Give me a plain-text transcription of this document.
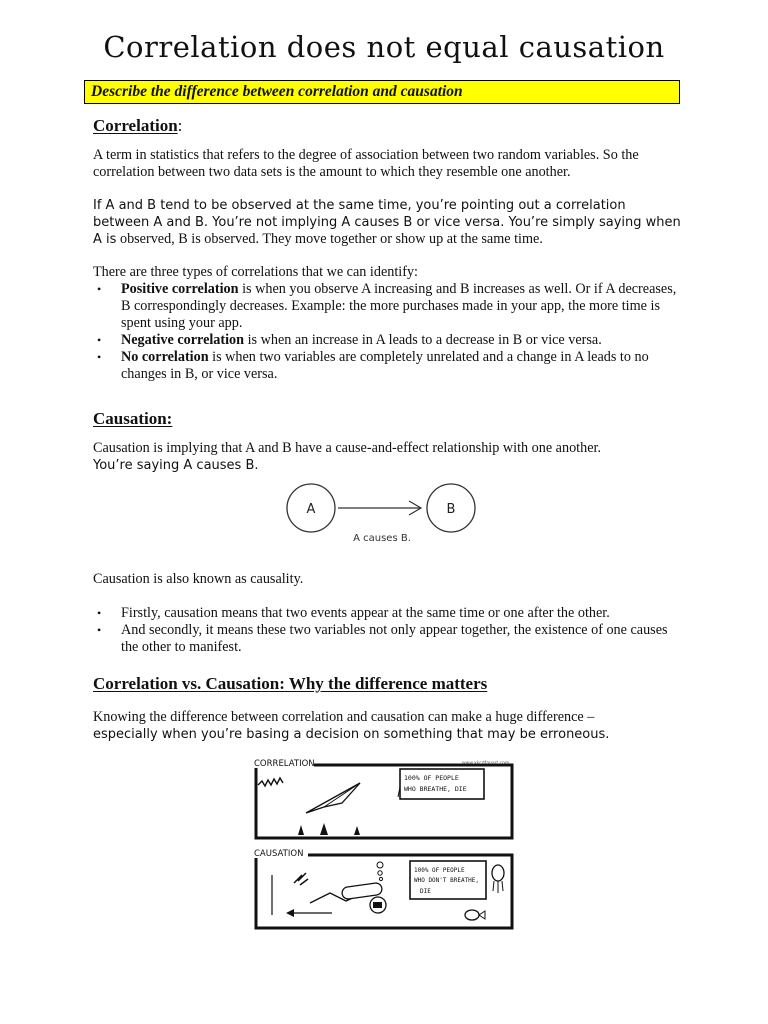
Correlation does not equal causation
Describe the difference between correlation and causation
Correlation:
A term in statistics that refers to the degree of association between two random variables. So the correlation between two data sets is the amount to which they resemble one another.
If A and B tend to be observed at the same time, you’re pointing out a correlation between A and B. You’re not implying A causes B or vice versa. You’re simply saying when A is observed, B is observed. They move together or show up at the same time.
There are three types of correlations that we can identify:
• Positive correlation is when you observe A increasing and B increases as well. Or if A decreases, B correspondingly decreases. Example: the more purchases made in your app, the more time is spent using your app.
• Negative correlation is when an increase in A leads to a decrease in B or vice versa.
• No correlation is when two variables are completely unrelated and a change in A leads to no changes in B, or vice versa.
Causation:
Causation is implying that A and B have a cause-and-effect relationship with one another.
You’re saying A causes B.
A	B
A causes B.
Causation is also known as causality.
• Firstly, causation means that two events appear at the same time or one after the other.
• And secondly, it means these two variables not only appear together, the existence of one causes the other to manifest.
Correlation vs. Causation: Why the difference matters
Knowing the difference between correlation and causation can make a huge difference –
especially when you’re basing a decision on something that may be erroneous.
CORRELATION	www.xkcdfanart.com
100% OF PEOPLE
WHO BREATHE, DIE
CAUSATION
100% OF PEOPLE
WHO DON'T BREATHE,
DIE
